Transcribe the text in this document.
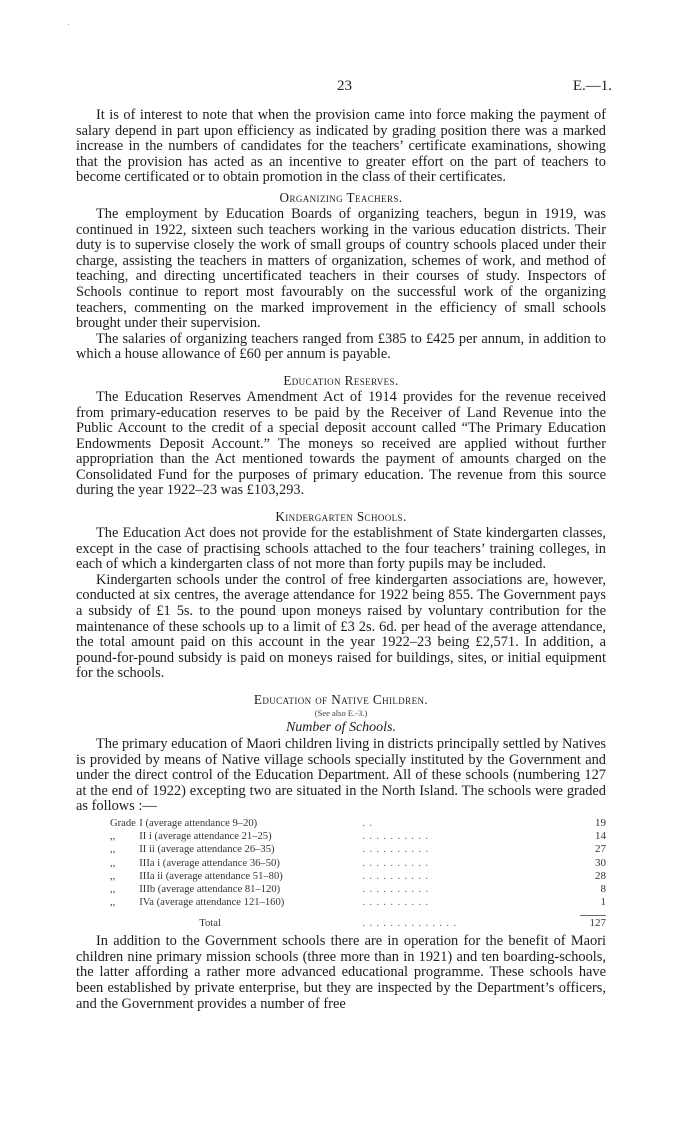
23	E.—1.

It is of interest to note that when the provision came into force making the payment of salary depend in part upon efficiency as indicated by grading position there was a marked increase in the numbers of candidates for the teachers’ certificate examinations, showing that the provision has acted as an incentive to greater effort on the part of teachers to become certificated or to obtain promotion in the class of their certificates.

Organizing Teachers.

The employment by Education Boards of organizing teachers, begun in 1919, was continued in 1922, sixteen such teachers working in the various education districts. Their duty is to supervise closely the work of small groups of country schools placed under their charge, assisting the teachers in matters of organization, schemes of work, and method of teaching, and directing uncertificated teachers in their courses of study. Inspectors of Schools continue to report most favourably on the successful work of the organizing teachers, commenting on the marked improvement in the efficiency of small schools brought under their supervision.

The salaries of organizing teachers ranged from £385 to £425 per annum, in addition to which a house allowance of £60 per annum is payable.

Education Reserves.

The Education Reserves Amendment Act of 1914 provides for the revenue received from primary-education reserves to be paid by the Receiver of Land Revenue into the Public Account to the credit of a special deposit account called “The Primary Education Endowments Deposit Account.” The moneys so received are applied without further appropriation than the Act mentioned towards the payment of amounts charged on the Consolidated Fund for the purposes of primary education. The revenue from this source during the year 1922–23 was £103,293.

Kindergarten Schools.

The Education Act does not provide for the establishment of State kindergarten classes, except in the case of practising schools attached to the four teachers’ training colleges, in each of which a kindergarten class of not more than forty pupils may be included.

Kindergarten schools under the control of free kindergarten associations are, however, conducted at six centres, the average attendance for 1922 being 855. The Government pays a subsidy of £1 5s. to the pound upon moneys raised by voluntary contribution for the maintenance of these schools up to a limit of £3 2s. 6d. per head of the average attendance, the total amount paid on this account in the year 1922–23 being £2,571. In addition, a pound-for-pound subsidy is paid on moneys raised for buildings, sites, or initial equipment for the schools.

Education of Native Children.
(See also E.-3.)
Number of Schools.

The primary education of Maori children living in districts principally settled by Natives is provided by means of Native village schools specially instituted by the Government and under the direct control of the Education Department. All of these schools (numbering 127 at the end of 1922) excepting two are situated in the North Island. The schools were graded as follows :—

Grade	I (average attendance 9–20)	. .	19
,,	II i (average attendance 21–25)	. . . . . . . . . .	14
,,	II ii (average attendance 26–35)	. . . . . . . . . .	27
,,	IIIa i (average attendance 36–50)	. . . . . . . . . .	30
,,	IIIa ii (average attendance 51–80)	. . . . . . . . . .	28
,,	IIIb (average attendance 81–120)	. . . . . . . . . .	8
,,	IVa (average attendance 121–160)	. . . . . . . . . .	1

	Total	. . . . . . . . . . . . . .	127

In addition to the Government schools there are in operation for the benefit of Maori children nine primary mission schools (three more than in 1921) and ten boarding-schools, the latter affording a rather more advanced educational programme. These schools have been established by private enterprise, but they are inspected by the Department’s officers, and the Government provides a number of free
